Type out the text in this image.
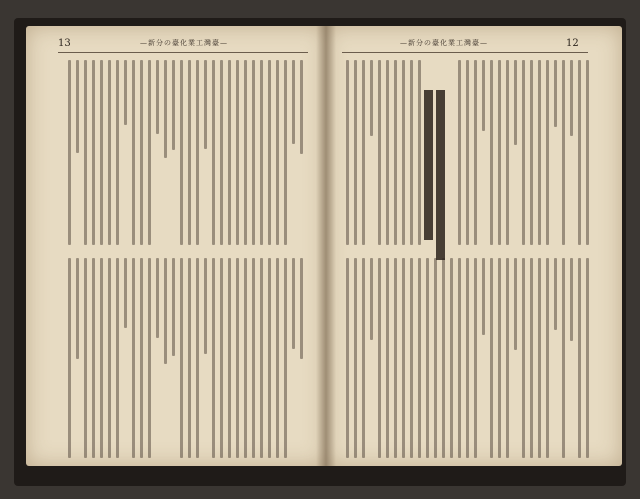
13	—新分の臺化業工灣臺—	—新分の臺化業工灣臺—	12
